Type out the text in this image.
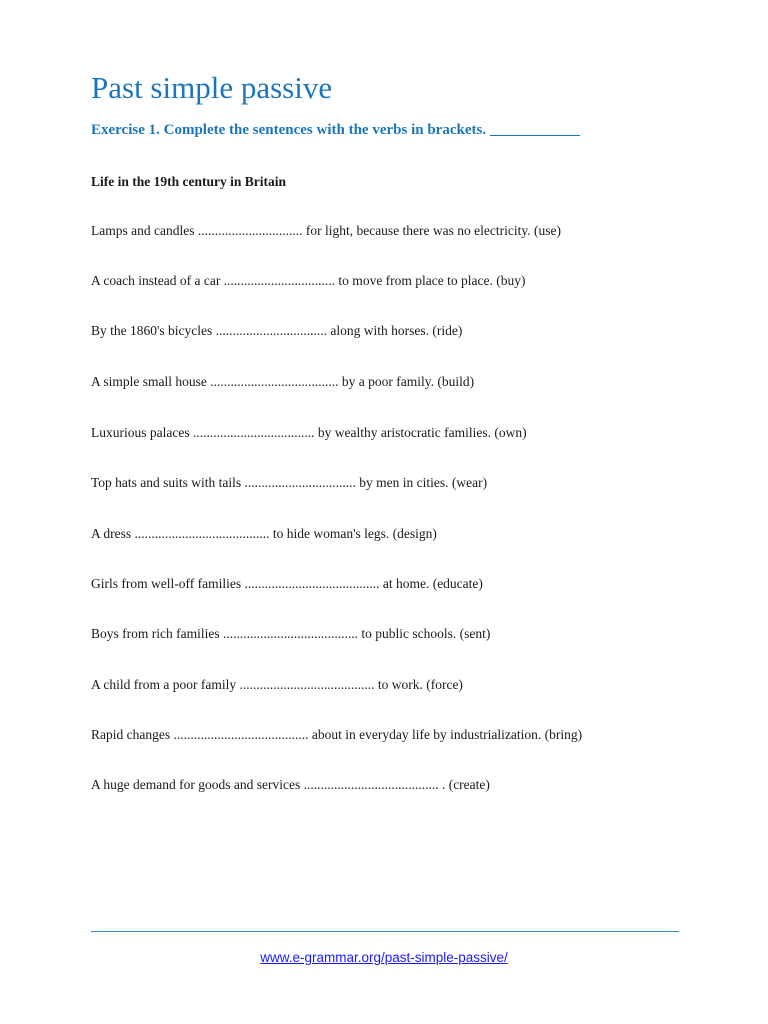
Past simple passive
Exercise 1. Complete the sentences with the verbs in brackets. ____________
Life in the 19th century in Britain
Lamps and candles ............................... for light, because there was no electricity. (use)
A coach instead of a car ................................. to move from place to place. (buy)
By the 1860's bicycles ................................. along with horses. (ride)
A simple small house ...................................... by a poor family. (build)
Luxurious palaces .................................... by wealthy aristocratic families. (own)
Top hats and suits with tails ................................. by men in cities. (wear)
A dress ........................................ to hide woman's legs. (design)
Girls from well-off families ........................................ at home. (educate)
Boys from rich families ........................................ to public schools. (sent)
A child from a poor family ........................................ to work. (force)
Rapid changes ........................................ about in everyday life by industrialization. (bring)
A huge demand for goods and services ........................................ . (create)
www.e-grammar.org/past-simple-passive/
